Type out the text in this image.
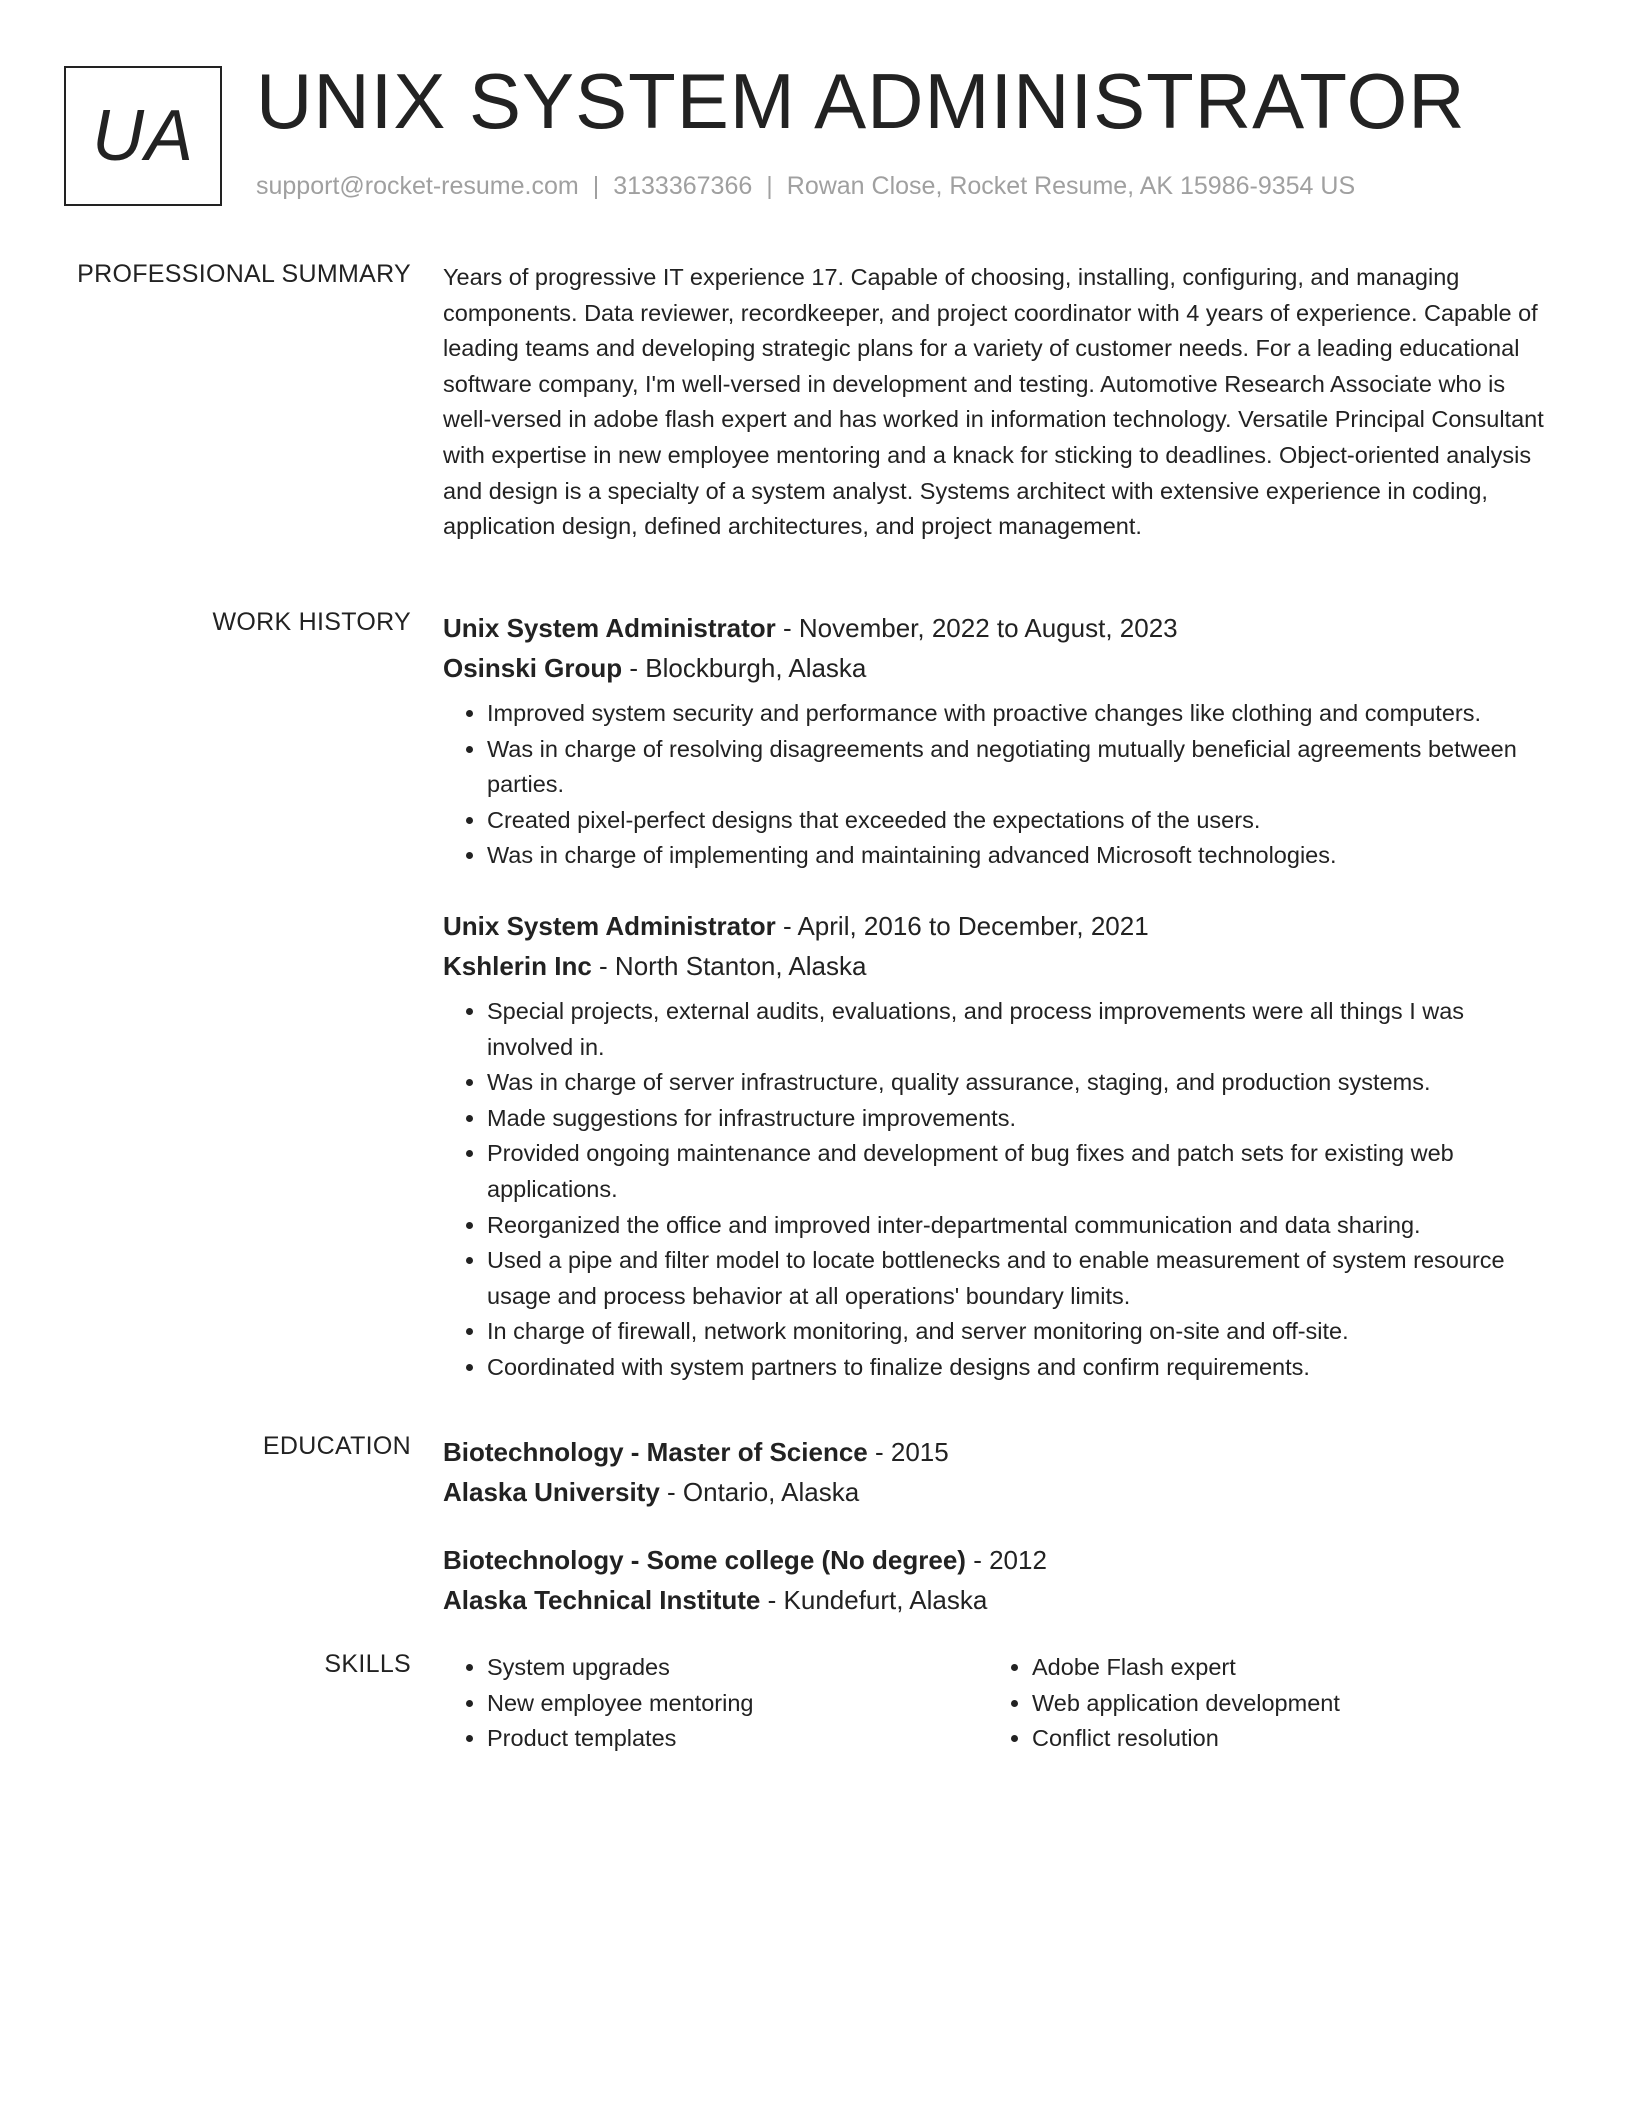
UA UNIX SYSTEM ADMINISTRATOR
support@rocket-resume.com | 3133367366 | Rowan Close, Rocket Resume, AK 15986-9354 US
PROFESSIONAL SUMMARY Years of progressive IT experience 17. Capable of choosing, installing, configuring, and managing components. Data reviewer, recordkeeper, and project coordinator with 4 years of experience. Capable of leading teams and developing strategic plans for a variety of customer needs. For a leading educational software company, I'm well-versed in development and testing. Automotive Research Associate who is well-versed in adobe flash expert and has worked in information technology. Versatile Principal Consultant with expertise in new employee mentoring and a knack for sticking to deadlines. Object-oriented analysis and design is a specialty of a system analyst. Systems architect with extensive experience in coding, application design, defined architectures, and project management.

WORK HISTORY Unix System Administrator - November, 2022 to August, 2023
Osinski Group - Blockburgh, Alaska
• Improved system security and performance with proactive changes like clothing and computers.
• Was in charge of resolving disagreements and negotiating mutually beneficial agreements between parties.
• Created pixel-perfect designs that exceeded the expectations of the users.
• Was in charge of implementing and maintaining advanced Microsoft technologies.
Unix System Administrator - April, 2016 to December, 2021
Kshlerin Inc - North Stanton, Alaska
• Special projects, external audits, evaluations, and process improvements were all things I was involved in.
• Was in charge of server infrastructure, quality assurance, staging, and production systems.
• Made suggestions for infrastructure improvements.
• Provided ongoing maintenance and development of bug fixes and patch sets for existing web applications.
• Reorganized the office and improved inter-departmental communication and data sharing.
• Used a pipe and filter model to locate bottlenecks and to enable measurement of system resource usage and process behavior at all operations' boundary limits.
• In charge of firewall, network monitoring, and server monitoring on-site and off-site.
• Coordinated with system partners to finalize designs and confirm requirements.
EDUCATION Biotechnology - Master of Science - 2015
Alaska University - Ontario, Alaska
Biotechnology - Some college (No degree) - 2012
Alaska Technical Institute - Kundefurt, Alaska
SKILLS
•	System upgrades
• New employee mentoring
• Product templates
• Adobe Flash expert
• Web application development
• Conflict resolution
